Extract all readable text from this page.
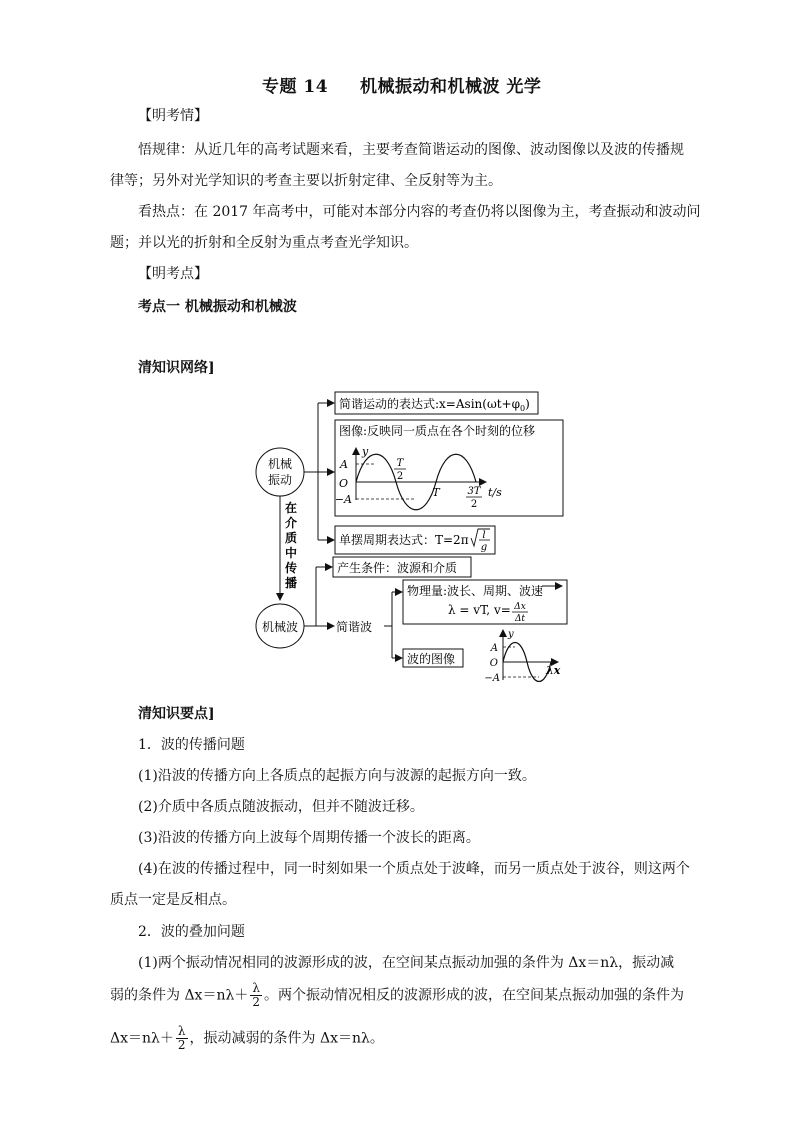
专题 14 机械振动和机械波 光学
【明考情】
悟规律：从近几年的高考试题来看，主要考查简谐运动的图像、波动图像以及波的传播规
律等；另外对光学知识的考查主要以折射定律、全反射等为主。
看热点：在 2017 年高考中，可能对本部分内容的考查仍将以图像为主，考查振动和波动问
题；并以光的折射和全反射为重点考查光学知识。
【明考点】
考点一 机械振动和机械波
清知识网络]
机械
振动
机械波
在
介
质
中
传
播
简谐运动的表达式$:x=Asin(\omega t+\varphi_0)$
图像:反映同一质点在各个时刻的位移
A
y
O
−A
T
2
T	3T
2
t/s
单摆周期表达式：T=2π l
g
产生条件：波源和介质
简谐波
物理量:波长、周期、波速
λ = vT, v= Δx
Δt
波的图像
y
A
O
−A
λx
清知识要点]
1．波的传播问题
(1)沿波的传播方向上各质点的起振方向与波源的起振方向一致。
(2)介质中各质点随波振动，但并不随波迁移。
(3)沿波的传播方向上波每个周期传播一个波长的距离。
(4)在波的传播过程中，同一时刻如果一个质点处于波峰，而另一质点处于波谷，则这两个
质点一定是反相点。
2．波的叠加问题
(1)两个振动情况相同的波源形成的波，在空间某点振动加强的条件为 Δx＝nλ，振动减
弱的条件为 $\Delta x=n\lambda+ \frac{\lambda}{2}$ 。两个振动情况相反的波源形成的波，在空间某点振动加强的条件为
$\Delta x=n\lambda+ \frac{\lambda}{2}$ ，振动减弱的条件为 Δx＝nλ。
